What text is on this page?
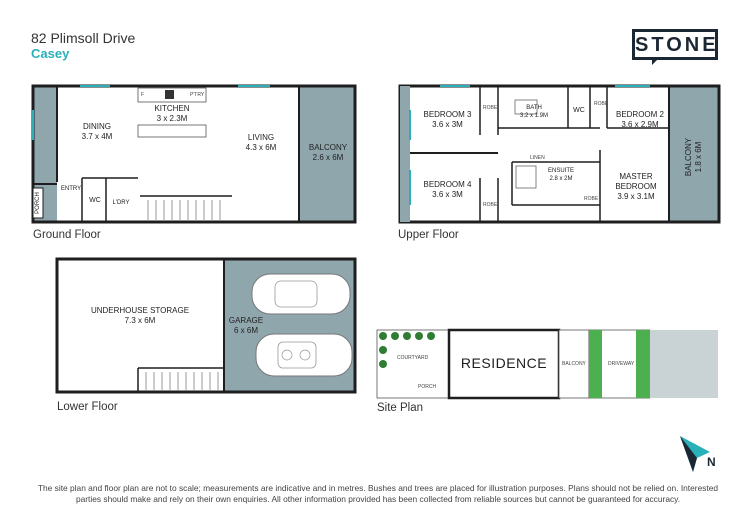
82 Plimsoll Drive
Casey	STONE
DINING
3.7 x 4M
KITCHEN
3 x 2.3M
LIVING
4.3 x 6M	BALCONY
2.6 x 6M
F	P'TRY
ENTRY
WC	L'DRY
PORCH
Ground Floor
BEDROOM 3
3.6 x 3M
BATH
3.2 x 1.9M
WC	BEDROOM 2
3.6 x 2.9M
BALCONY 1.8 x 6M
BEDROOM 4
3.6 x 3M
ENSUITE
2.8 x 2M	MASTER
BEDROOM
3.9 x 3.1M
ROBE
ROBE
ROBE
ROBE
LINEN
Upper Floor
UNDERHOUSE STORAGE
7.3 x 6M	GARAGE
6 x 6M
Lower Floor
COURTYARD
PORCH
RESIDENCE	BALCONY	DRIVEWAY
Site Plan
N
The site plan and floor plan are not to scale; measurements are indicative and in metres. Bushes and trees are placed for illustration purposes. Plans should not be relied on. Interested parties should make and rely on their own enquiries. All other information provided has been collected from reliable sources but cannot be guaranteed for accuracy.
